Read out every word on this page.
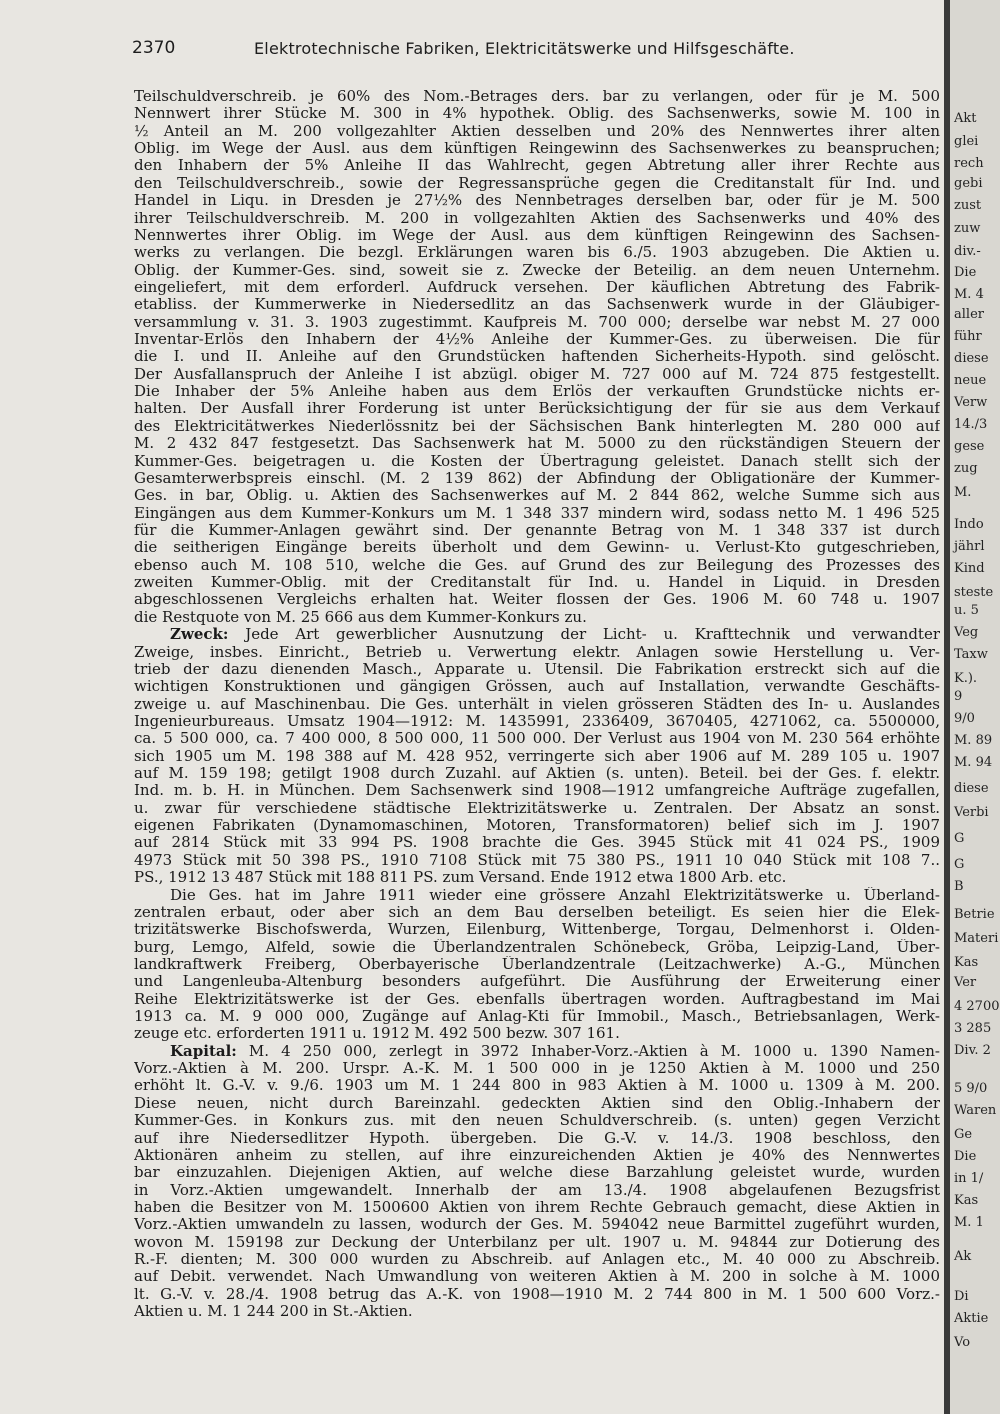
2370	Elektrotechnische Fabriken, Elektricitätswerke und Hilfsgeschäfte.
Teilschuldverschreib. je 60% des Nom.-Betrages ders. bar zu verlangen, oder für je M. 500
Nennwert ihrer Stücke M. 300 in 4% hypothek. Oblig. des Sachsenwerks, sowie M. 100 in
½ Anteil an M. 200 vollgezahlter Aktien desselben und 20% des Nennwertes ihrer alten
Oblig. im Wege der Ausl. aus dem künftigen Reingewinn des Sachsenwerkes zu beanspruchen;
den Inhabern der 5% Anleihe II das Wahlrecht, gegen Abtretung aller ihrer Rechte aus
den Teilschuldverschreib., sowie der Regressansprüche gegen die Creditanstalt für Ind. und
Handel in Liqu. in Dresden je 27½% des Nennbetrages derselben bar, oder für je M. 500
ihrer Teilschuldverschreib. M. 200 in vollgezahlten Aktien des Sachsenwerks und 40% des
Nennwertes ihrer Oblig. im Wege der Ausl. aus dem künftigen Reingewinn des Sachsen-
werks zu verlangen. Die bezgl. Erklärungen waren bis 6./5. 1903 abzugeben. Die Aktien u.
Oblig. der Kummer-Ges. sind, soweit sie z. Zwecke der Beteilig. an dem neuen Unternehm.
eingeliefert, mit dem erforderl. Aufdruck versehen. Der käuflichen Abtretung des Fabrik-
etabliss. der Kummerwerke in Niedersedlitz an das Sachsenwerk wurde in der Gläubiger-
versammlung v. 31. 3. 1903 zugestimmt. Kaufpreis M. 700 000; derselbe war nebst M. 27 000
Inventar-Erlös den Inhabern der 4½% Anleihe der Kummer-Ges. zu überweisen. Die für
die I. und II. Anleihe auf den Grundstücken haftenden Sicherheits-Hypoth. sind gelöscht.
Der Ausfallanspruch der Anleihe I ist abzügl. obiger M. 727 000 auf M. 724 875 festgestellt.
Die Inhaber der 5% Anleihe haben aus dem Erlös der verkauften Grundstücke nichts er-
halten. Der Ausfall ihrer Forderung ist unter Berücksichtigung der für sie aus dem Verkauf
des Elektricitätwerkes Niederlössnitz bei der Sächsischen Bank hinterlegten M. 280 000 auf
M. 2 432 847 festgesetzt. Das Sachsenwerk hat M. 5000 zu den rückständigen Steuern der
Kummer-Ges. beigetragen u. die Kosten der Übertragung geleistet. Danach stellt sich der
Gesamterwerbspreis einschl. (M. 2 139 862) der Abfindung der Obligationäre der Kummer-
Ges. in bar, Oblig. u. Aktien des Sachsenwerkes auf M. 2 844 862, welche Summe sich aus
Eingängen aus dem Kummer-Konkurs um M. 1 348 337 mindern wird, sodass netto M. 1 496 525
für die Kummer-Anlagen gewährt sind. Der genannte Betrag von M. 1 348 337 ist durch
die seitherigen Eingänge bereits überholt und dem Gewinn- u. Verlust-Kto gutgeschrieben,
ebenso auch M. 108 510, welche die Ges. auf Grund des zur Beilegung des Prozesses des
zweiten Kummer-Oblig. mit der Creditanstalt für Ind. u. Handel in Liquid. in Dresden
abgeschlossenen Vergleichs erhalten hat. Weiter flossen der Ges. 1906 M. 60 748 u. 1907
die Restquote von M. 25 666 aus dem Kummer-Konkurs zu.
Zweck: Jede Art gewerblicher Ausnutzung der Licht- u. Krafttechnik und verwandter
Zweige, insbes. Einricht., Betrieb u. Verwertung elektr. Anlagen sowie Herstellung u. Ver-
trieb der dazu dienenden Masch., Apparate u. Utensil. Die Fabrikation erstreckt sich auf die
wichtigen Konstruktionen und gängigen Grössen, auch auf Installation, verwandte Geschäfts-
zweige u. auf Maschinenbau. Die Ges. unterhält in vielen grösseren Städten des In- u. Auslandes
Ingenieurbureaus. Umsatz 1904—1912: M. 1435991, 2336409, 3670405, 4271062, ca. 5500000,
ca. 5 500 000, ca. 7 400 000, 8 500 000, 11 500 000. Der Verlust aus 1904 von M. 230 564 erhöhte
sich 1905 um M. 198 388 auf M. 428 952, verringerte sich aber 1906 auf M. 289 105 u. 1907
auf M. 159 198; getilgt 1908 durch Zuzahl. auf Aktien (s. unten). Beteil. bei der Ges. f. elektr.
Ind. m. b. H. in München. Dem Sachsenwerk sind 1908—1912 umfangreiche Aufträge zugefallen,
u. zwar für verschiedene städtische Elektrizitätswerke u. Zentralen. Der Absatz an sonst.
eigenen Fabrikaten (Dynamomaschinen, Motoren, Transformatoren) belief sich im J. 1907
auf 2814 Stück mit 33 994 PS. 1908 brachte die Ges. 3945 Stück mit 41 024 PS., 1909
4973 Stück mit 50 398 PS., 1910 7108 Stück mit 75 380 PS., 1911 10 040 Stück mit 108 7..
PS., 1912 13 487 Stück mit 188 811 PS. zum Versand. Ende 1912 etwa 1800 Arb. etc.
Die Ges. hat im Jahre 1911 wieder eine grössere Anzahl Elektrizitätswerke u. Überland-
zentralen erbaut, oder aber sich an dem Bau derselben beteiligt. Es seien hier die Elek-
trizitätswerke Bischofswerda, Wurzen, Eilenburg, Wittenberge, Torgau, Delmenhorst i. Olden-
burg, Lemgo, Alfeld, sowie die Überlandzentralen Schönebeck, Gröba, Leipzig-Land, Über-
landkraftwerk Freiberg, Oberbayerische Überlandzentrale (Leitzachwerke) A.-G., München
und Langenleuba-Altenburg besonders aufgeführt. Die Ausführung der Erweiterung einer
Reihe Elektrizitätswerke ist der Ges. ebenfalls übertragen worden. Auftragbestand im Mai
1913 ca. M. 9 000 000, Zugänge auf Anlag-Kti für Immobil., Masch., Betriebsanlagen, Werk-
zeuge etc. erforderten 1911 u. 1912 M. 492 500 bezw. 307 161.
Kapital: M. 4 250 000, zerlegt in 3972 Inhaber-Vorz.-Aktien à M. 1000 u. 1390 Namen-
Vorz.-Aktien à M. 200. Urspr. A.-K. M. 1 500 000 in je 1250 Aktien à M. 1000 und 250
erhöht lt. G.-V. v. 9./6. 1903 um M. 1 244 800 in 983 Aktien à M. 1000 u. 1309 à M. 200.
Diese neuen, nicht durch Bareinzahl. gedeckten Aktien sind den Oblig.-Inhabern der
Kummer-Ges. in Konkurs zus. mit den neuen Schuldverschreib. (s. unten) gegen Verzicht
auf ihre Niedersedlitzer Hypoth. übergeben. Die G.-V. v. 14./3. 1908 beschloss, den
Aktionären anheim zu stellen, auf ihre einzureichenden Aktien je 40% des Nennwertes
bar einzuzahlen. Diejenigen Aktien, auf welche diese Barzahlung geleistet wurde, wurden
in Vorz.-Aktien umgewandelt. Innerhalb der am 13./4. 1908 abgelaufenen Bezugsfrist
haben die Besitzer von M. 1500600 Aktien von ihrem Rechte Gebrauch gemacht, diese Aktien in
Vorz.-Aktien umwandeln zu lassen, wodurch der Ges. M. 594042 neue Barmittel zugeführt wurden,
wovon M. 159198 zur Deckung der Unterbilanz per ult. 1907 u. M. 94844 zur Dotierung des
R.-F. dienten; M. 300 000 wurden zu Abschreib. auf Anlagen etc., M. 40 000 zu Abschreib.
auf Debit. verwendet. Nach Umwandlung von weiteren Aktien à M. 200 in solche à M. 1000
lt. G.-V. v. 28./4. 1908 betrug das A.-K. von 1908—1910 M. 2 744 800 in M. 1 500 600 Vorz.-
Aktien u. M. 1 244 200 in St.-Aktien.
Akt
glei
rech
gebi
zust
zuw
div.-
Die
M. 4
aller
führ
diese
neue
Verw
14./3
gese
zug
M.
Indo
jährl
Kind
steste
u. 5
Veg
Taxw
K.).
9
9/0
M. 89
M. 94
diese
Verbi
G
G
B
Betrie
Materi
Kas
Ver
4 2700
3 285
Div. 2
5 9/0
Waren
Ge
Die
in 1/
Kas
M. 1
Ak
Di
Aktie
Vo
